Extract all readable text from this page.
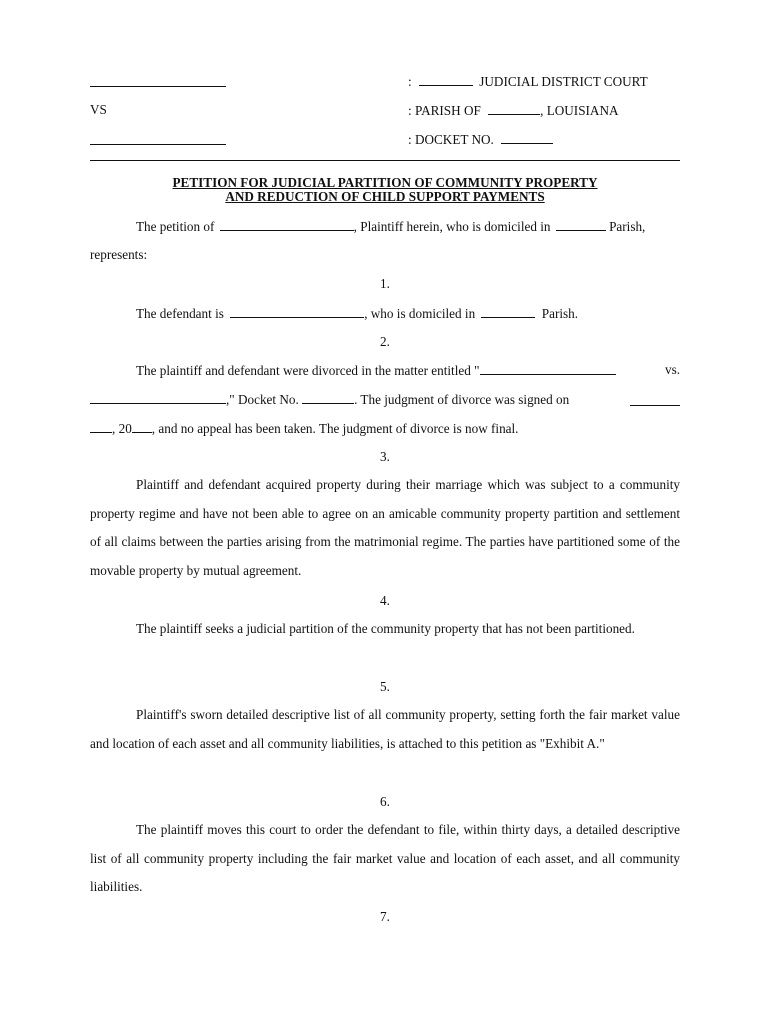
:	JUDICIAL DISTRICT COURT
VS	: PARISH OF	, LOUISIANA
: DOCKET NO.
PETITION FOR JUDICIAL PARTITION OF COMMUNITY PROPERTY
AND REDUCTION OF CHILD SUPPORT PAYMENTS
The petition of	, Plaintiff herein, who is domiciled in	Parish,
represents:
1.
The defendant is	, who is domiciled in	Parish.
2.
The plaintiff and defendant were divorced in the matter entitled "	vs.
," Docket No.	. The judgment of divorce was signed on
, 20 , and no appeal has been taken. The judgment of divorce is now final.
3.
Plaintiff and defendant acquired property during their marriage which was subject to a community property regime and have not been able to agree on an amicable community property partition and settlement of all claims between the parties arising from the matrimonial regime. The parties have partitioned some of the movable property by mutual agreement.
4.
The plaintiff seeks a judicial partition of the community property that has not been partitioned.
5.
Plaintiff's sworn detailed descriptive list of all community property, setting forth the fair market value and location of each asset and all community liabilities, is attached to this petition as "Exhibit A."
6.
The plaintiff moves this court to order the defendant to file, within thirty days, a detailed descriptive list of all community property including the fair market value and location of each asset, and all community liabilities.
7.
